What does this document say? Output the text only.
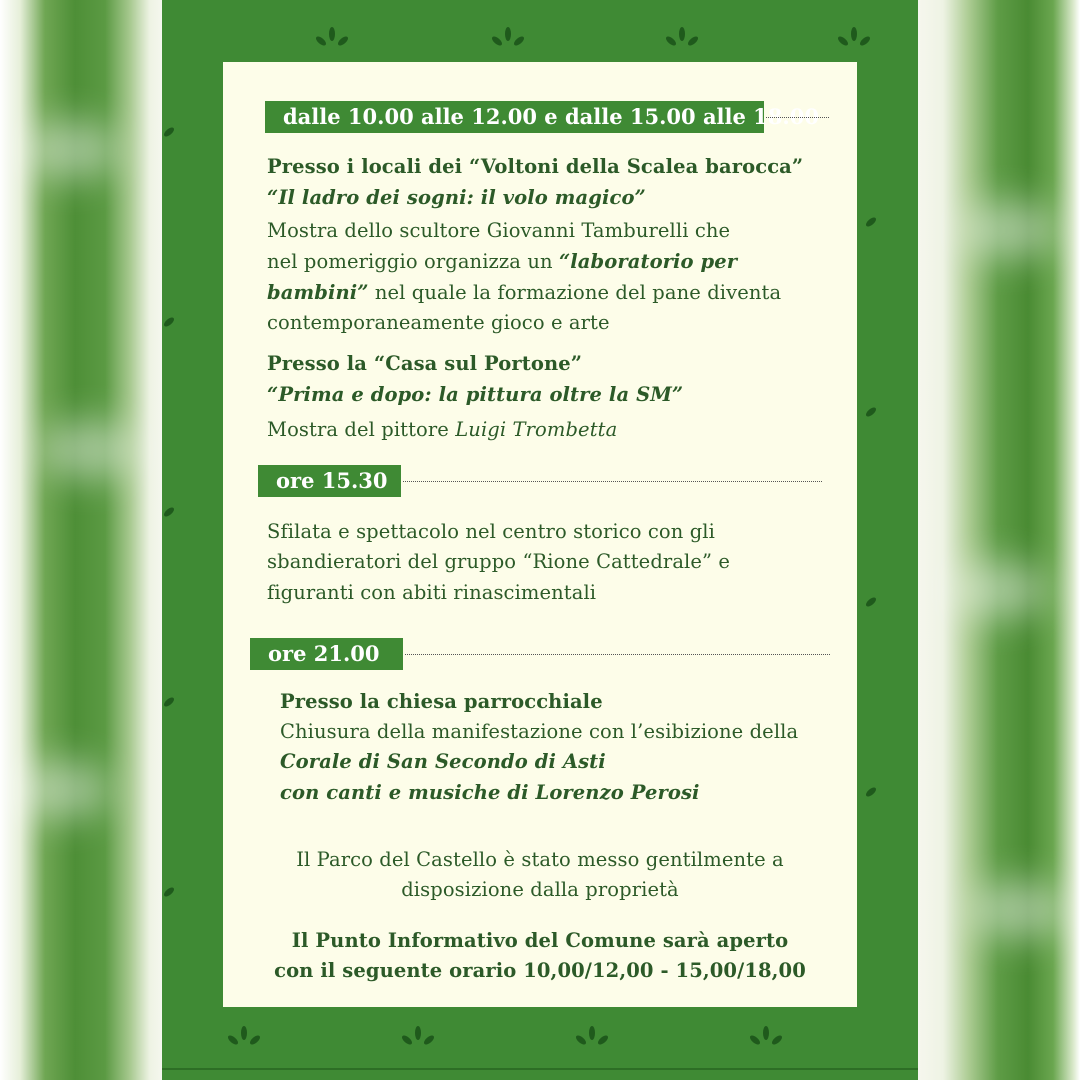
dalle 10.00 alle 12.00 e dalle 15.00 alle 18.00
Presso i locali dei “Voltoni della Scalea barocca”
“Il ladro dei sogni: il volo magico”
Mostra dello scultore Giovanni Tamburelli che
nel pomeriggio organizza un “laboratorio per
bambini” nel quale la formazione del pane diventa
contemporaneamente gioco e arte
Presso la “Casa sul Portone”
“Prima e dopo: la pittura oltre la SM”
Mostra del pittore Luigi Trombetta
ore 15.30
Sfilata e spettacolo nel centro storico con gli
sbandieratori del gruppo “Rione Cattedrale” e
figuranti con abiti rinascimentali
ore 21.00
Presso la chiesa parrocchiale
Chiusura della manifestazione con l’esibizione della
Corale di San Secondo di Asti
con canti e musiche di Lorenzo Perosi
Il Parco del Castello è stato messo gentilmente a
disposizione dalla proprietà
Il Punto Informativo del Comune sarà aperto
con il seguente orario 10,00/12,00 - 15,00/18,00
